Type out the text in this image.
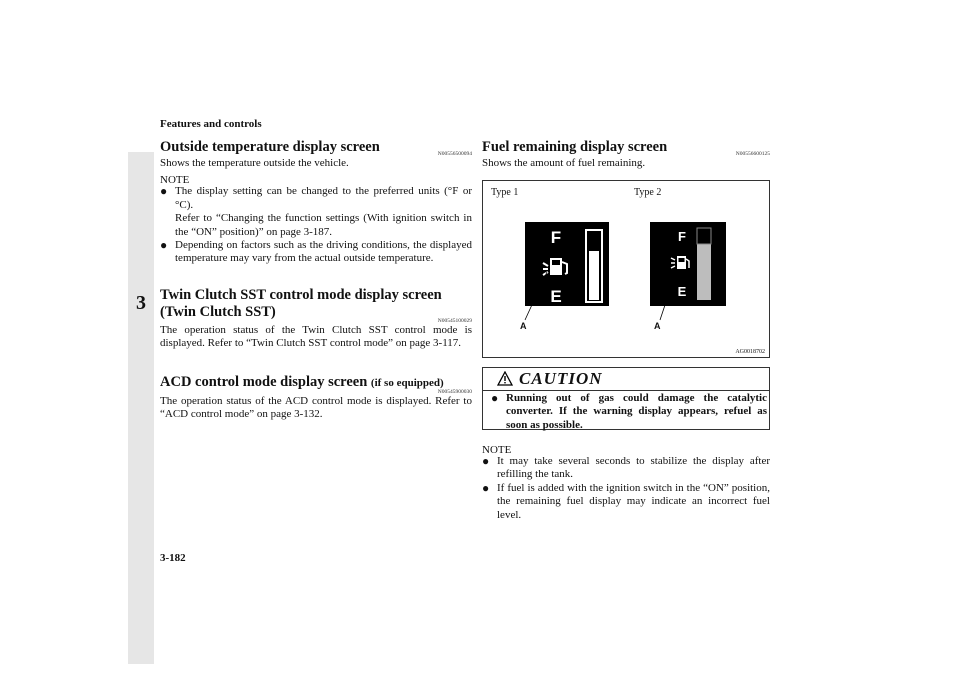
Features and controls
3
Outside temperature display screen	N00556500094
Shows the temperature outside the vehicle.
NOTE
● The display setting can be changed to the preferred units (°F or °C).
Refer to “Changing the function settings (With ignition switch in the “ON” position)” on page 3-187.
● Depending on factors such as the driving conditions, the displayed temperature may vary from the actual outside temperature.
Twin Clutch SST control mode display screen (Twin Clutch SST)
N00545100029
The operation status of the Twin Clutch SST control mode is displayed. Refer to “Twin Clutch SST control mode” on page 3-117.
ACD control mode display screen (if so equipped)
N00545900030
The operation status of the ACD control mode is displayed. Refer to “ACD control mode” on page 3-132.
Fuel remaining display screen	N00556600125
Shows the amount of fuel remaining.
Type 1	Type 2
F
E
F
E
A	A
AG0018702
CAUTION
● Running out of gas could damage the catalytic converter. If the warning display appears, refuel as soon as possible.
NOTE
● It may take several seconds to stabilize the display after refilling the tank.
● If fuel is added with the ignition switch in the “ON” position, the remaining fuel display may indicate an incorrect fuel level.
3-182
